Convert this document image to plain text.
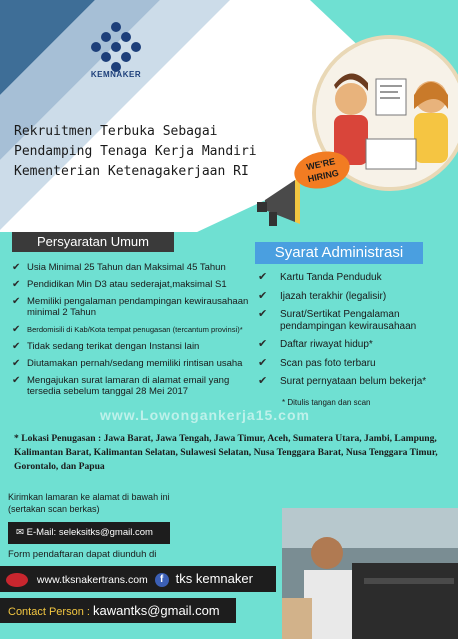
KEMNAKER
Rekruitmen Terbuka Sebagai
Pendamping Tenaga Kerja Mandiri
Kementerian Ketenagakerjaan RI	WE'RE
HIRING
Persyaratan Umum
✔ Usia Minimal 25 Tahun dan Maksimal 45 Tahun
✔ Pendidikan Min D3 atau sederajat,maksimal S1
✔ Memiliki pengalaman pendampingan kewirausahaan minimal 2 Tahun
✔ Berdomisili di Kab/Kota tempat penugasan (tercantum provinsi)*
✔ Tidak sedang terikat dengan Instansi lain
✔ Diutamakan pernah/sedang memiliki rintisan usaha
✔ Mengajukan surat lamaran di alamat email yang tersedia sebelum tanggal 28 Mei 2017
Syarat Administrasi
✔ Kartu Tanda Penduduk
✔ Ijazah terakhir (legalisir)
✔ Surat/Sertikat Pengalaman pendampingan kewirausahaan
✔ Daftar riwayat hidup*
✔ Scan pas foto terbaru
✔ Surat pernyataan belum bekerja*
* Ditulis tangan dan scan
www.Lowongankerja15.com
* Lokasi Penugasan : Jawa Barat, Jawa Tengah, Jawa Timur, Aceh, Sumatera Utara, Jambi, Lampung, Kalimantan Barat, Kalimantan Selatan, Sulawesi Selatan, Nusa Tenggara Barat, Nusa Tenggara Timur, Gorontalo, dan Papua
Kirimkan lamaran ke alamat di bawah ini
(sertakan scan berkas)
✉ E-Mail: seleksitks@gmail.com
Form pendaftaran dapat diunduh di
www.tksnakertrans.com f tks kemnaker
Contact Person : kawantks@gmail.com
